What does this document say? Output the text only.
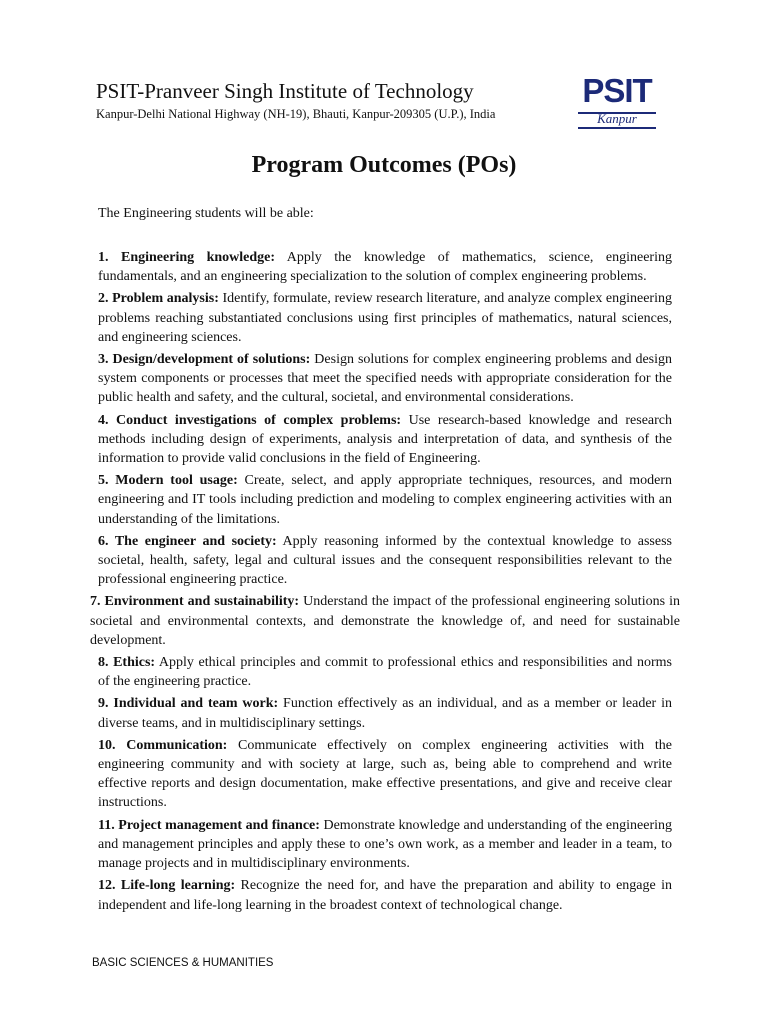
PSIT-Pranveer Singh Institute of Technology
Kanpur-Delhi National Highway (NH-19), Bhauti, Kanpur-209305 (U.P.), India
PSIT
Kanpur
Program Outcomes (POs)
The Engineering students will be able:

1. Engineering knowledge: Apply the knowledge of mathematics, science, engineering fundamentals, and an engineering specialization to the solution of complex engineering problems.

2. Problem analysis: Identify, formulate, review research literature, and analyze complex engineering problems reaching substantiated conclusions using first principles of mathematics, natural sciences, and engineering sciences.

3. Design/development of solutions: Design solutions for complex engineering problems and design system components or processes that meet the specified needs with appropriate consideration for the public health and safety, and the cultural, societal, and environmental considerations.

4. Conduct investigations of complex problems: Use research-based knowledge and research methods including design of experiments, analysis and interpretation of data, and synthesis of the information to provide valid conclusions in the field of Engineering.

5. Modern tool usage: Create, select, and apply appropriate techniques, resources, and modern engineering and IT tools including prediction and modeling to complex engineering activities with an understanding of the limitations.

6. The engineer and society: Apply reasoning informed by the contextual knowledge to assess societal, health, safety, legal and cultural issues and the consequent responsibilities relevant to the professional engineering practice.

7. Environment and sustainability: Understand the impact of the professional engineering solutions in societal and environmental contexts, and demonstrate the knowledge of, and need for sustainable development.

8. Ethics: Apply ethical principles and commit to professional ethics and responsibilities and norms of the engineering practice.

9. Individual and team work: Function effectively as an individual, and as a member or leader in diverse teams, and in multidisciplinary settings.

10. Communication: Communicate effectively on complex engineering activities with the engineering community and with society at large, such as, being able to comprehend and write effective reports and design documentation, make effective presentations, and give and receive clear instructions.

11. Project management and finance: Demonstrate knowledge and understanding of the engineering and management principles and apply these to one’s own work, as a member and leader in a team, to manage projects and in multidisciplinary environments.

12. Life-long learning: Recognize the need for, and have the preparation and ability to engage in independent and life-long learning in the broadest context of technological change.

BASIC SCIENCES & HUMANITIES
